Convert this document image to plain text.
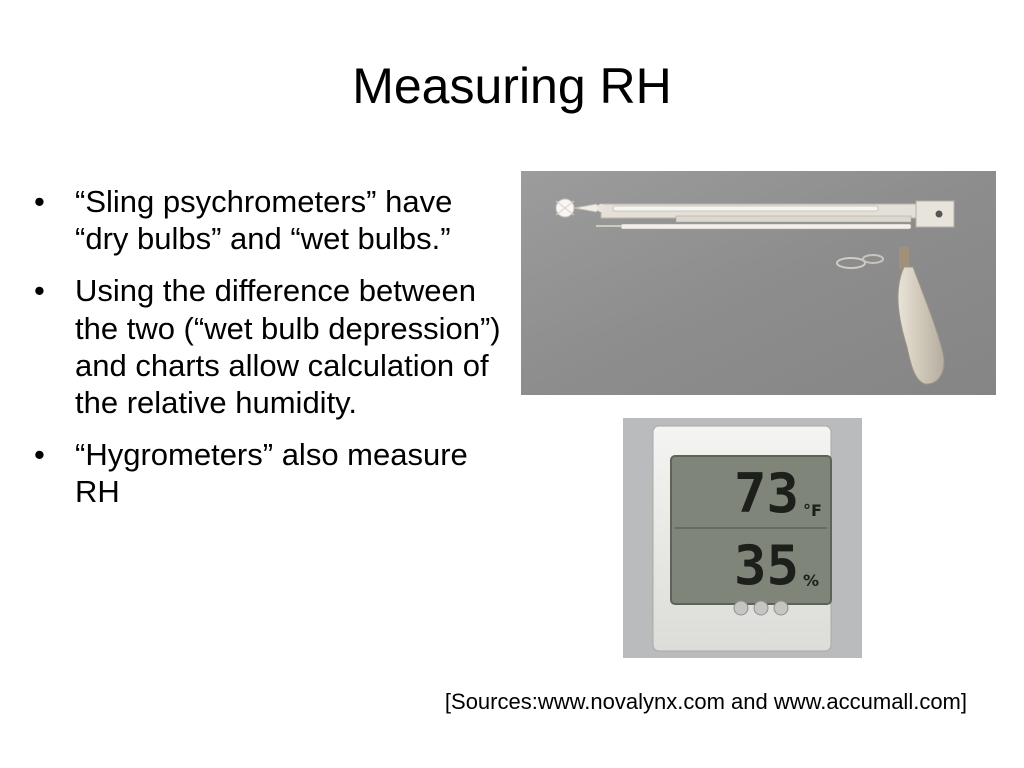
Measuring RH
• “Sling psychrometers” have “dry bulbs” and “wet bulbs.”
• Using the difference between the two (“wet bulb depression”) and charts allow calculation of the relative humidity.
• “Hygrometers” also measure RH	73 °F
35 %
[Sources:www.novalynx.com and www.accumall.com]
